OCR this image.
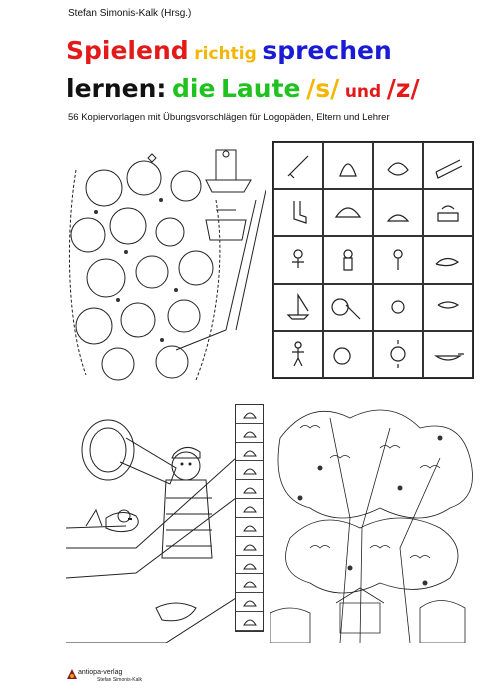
Stefan Simonis-Kalk (Hrsg.)
Spielend richtig sprechen
lernen: die Laute /s/ und /z/
56 Kopiervorlagen mit Übungsvorschlägen für Logopäden, Eltern und Lehrer
antiopa-verlag
Stefan Simonis-Kalk
